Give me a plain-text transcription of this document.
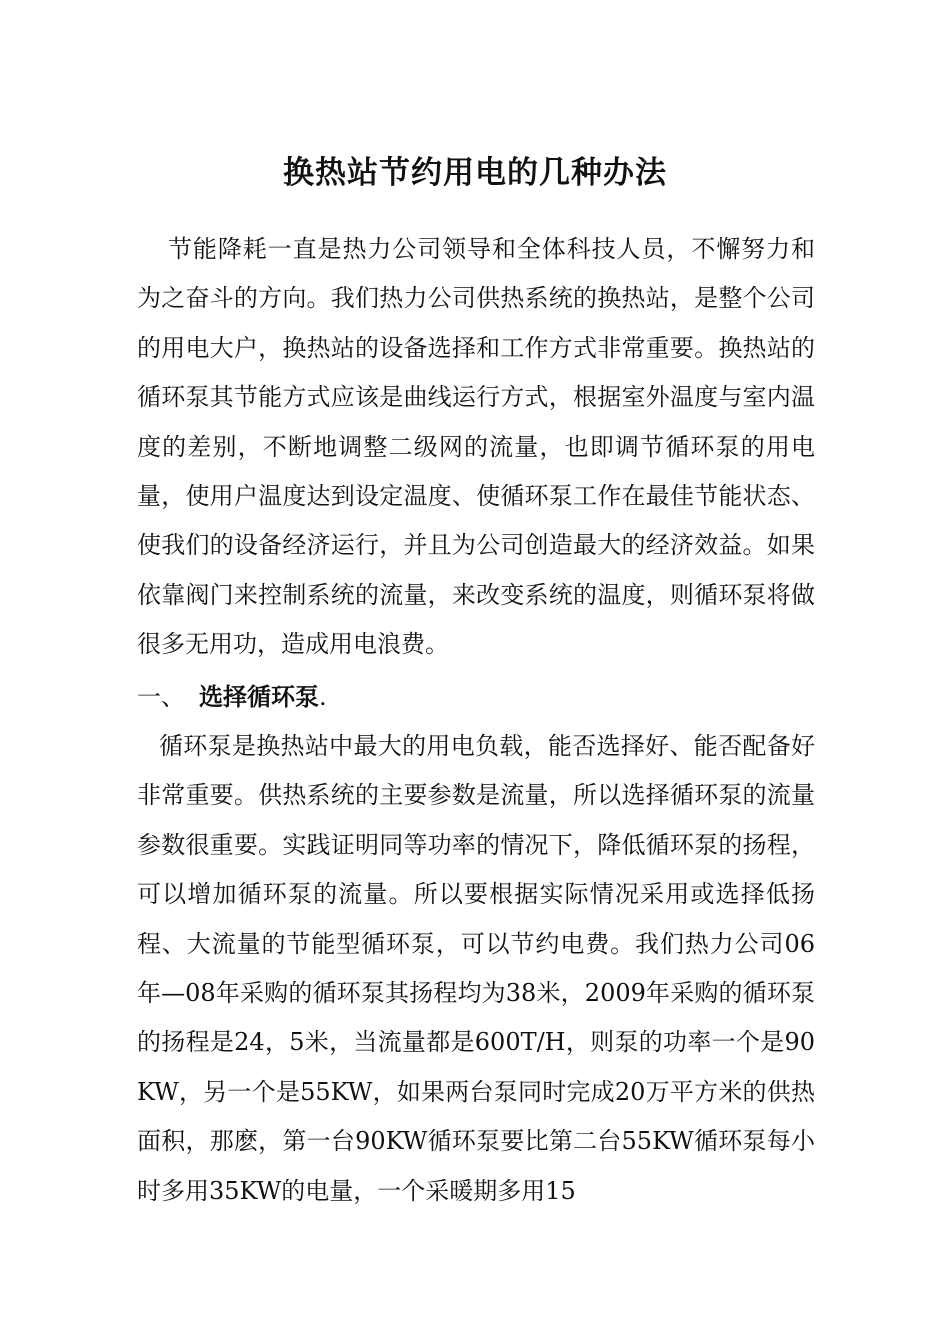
换热站节约用电的几种办法

节能降耗一直是热力公司领导和全体科技人员，不懈努力和为之奋斗的方向。我们热力公司供热系统的换热站，是整个公司的用电大户，换热站的设备选择和工作方式非常重要。换热站的循环泵其节能方式应该是曲线运行方式，根据室外温度与室内温度的差别，不断地调整二级网的流量，也即调节循环泵的用电量，使用户温度达到设定温度、使循环泵工作在最佳节能状态、使我们的设备经济运行，并且为公司创造最大的经济效益。如果依靠阀门来控制系统的流量，来改变系统的温度，则循环泵将做很多无用功，造成用电浪费。

一、 选择循环泵.

循环泵是换热站中最大的用电负载，能否选择好、能否配备好非常重要。供热系统的主要参数是流量，所以选择循环泵的流量参数很重要。实践证明同等功率的情况下，降低循环泵的扬程，可以增加循环泵的流量。所以要根据实际情况采用或选择低扬程、大流量的节能型循环泵，可以节约电费。我们热力公司06年—08年采购的循环泵其扬程均为38米，2009年采购的循环泵的扬程是24，5米，当流量都是600T/H，则泵的功率一个是90KW，另一个是55KW，如果两台泵同时完成20万平方米的供热面积，那麽，第一台90KW循环泵要比第二台55KW循环泵每小时多用35KW的电量，一个采暖期多用15
